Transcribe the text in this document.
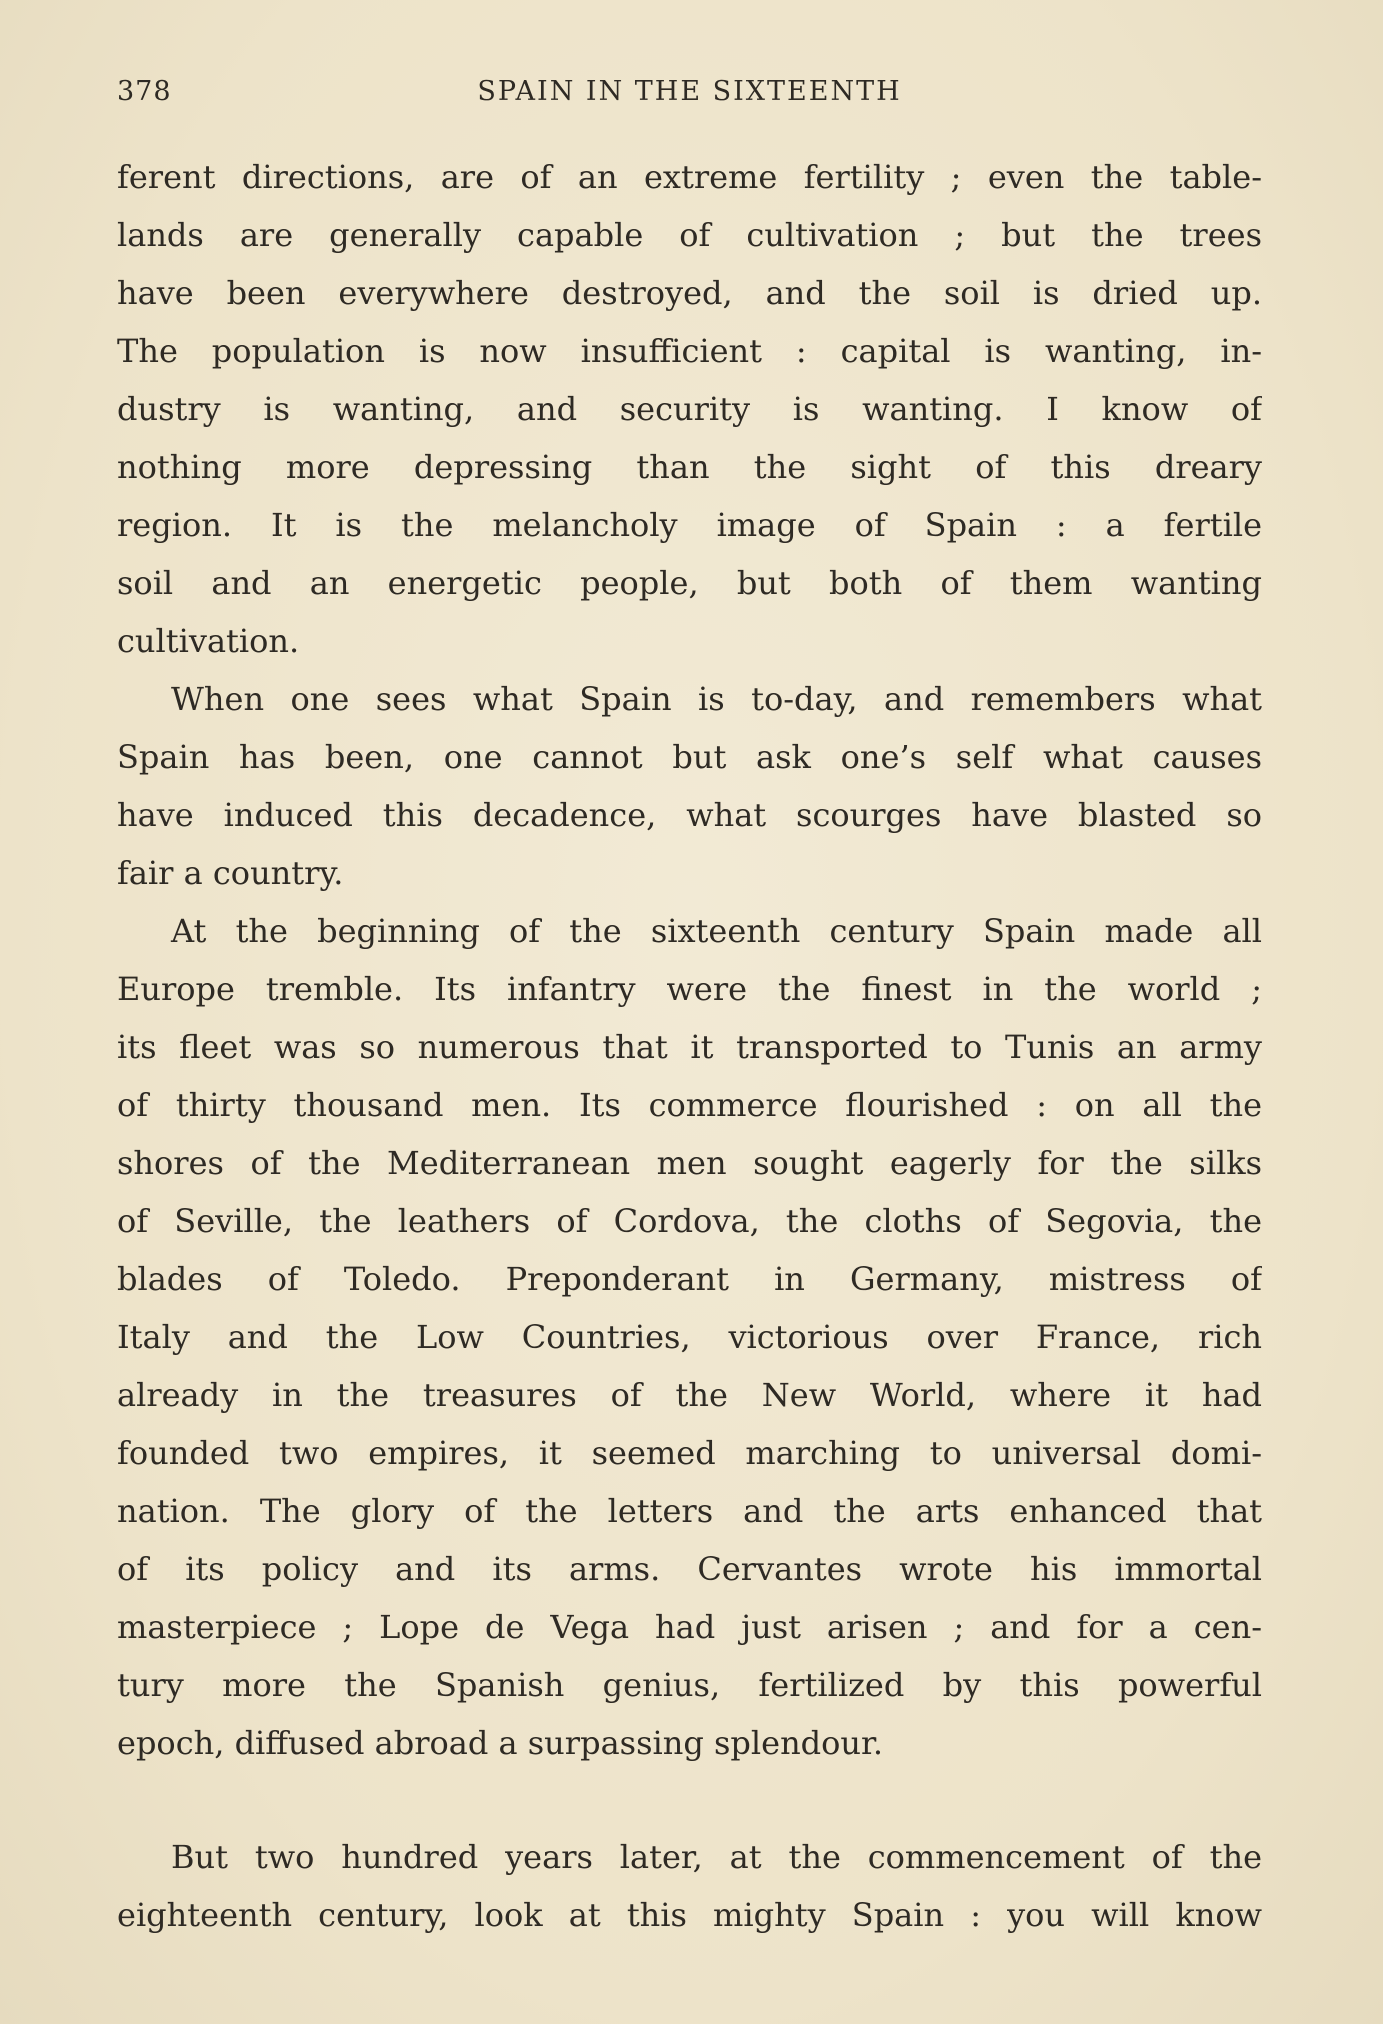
378	SPAIN IN THE SIXTEENTH
ferent directions, are of an extreme fertility ; even the table-
lands are generally capable of cultivation ; but the trees
have been everywhere destroyed, and the soil is dried up.
The population is now insufficient : capital is wanting, in-
dustry is wanting, and security is wanting. I know of
nothing more depressing than the sight of this dreary
region. It is the melancholy image of Spain : a fertile
soil and an energetic people, but both of them wanting
cultivation.
When one sees what Spain is to-day, and remembers what
Spain has been, one cannot but ask one’s self what causes
have induced this decadence, what scourges have blasted so
fair a country.
At the beginning of the sixteenth century Spain made all
Europe tremble. Its infantry were the finest in the world ;
its fleet was so numerous that it transported to Tunis an army
of thirty thousand men. Its commerce flourished : on all the
shores of the Mediterranean men sought eagerly for the silks
of Seville, the leathers of Cordova, the cloths of Segovia, the
blades of Toledo. Preponderant in Germany, mistress of
Italy and the Low Countries, victorious over France, rich
already in the treasures of the New World, where it had
founded two empires, it seemed marching to universal domi-
nation. The glory of the letters and the arts enhanced that
of its policy and its arms. Cervantes wrote his immortal
masterpiece ; Lope de Vega had just arisen ; and for a cen-
tury more the Spanish genius, fertilized by this powerful
epoch, diffused abroad a surpassing splendour.
But two hundred years later, at the commencement of the
eighteenth century, look at this mighty Spain : you will know
